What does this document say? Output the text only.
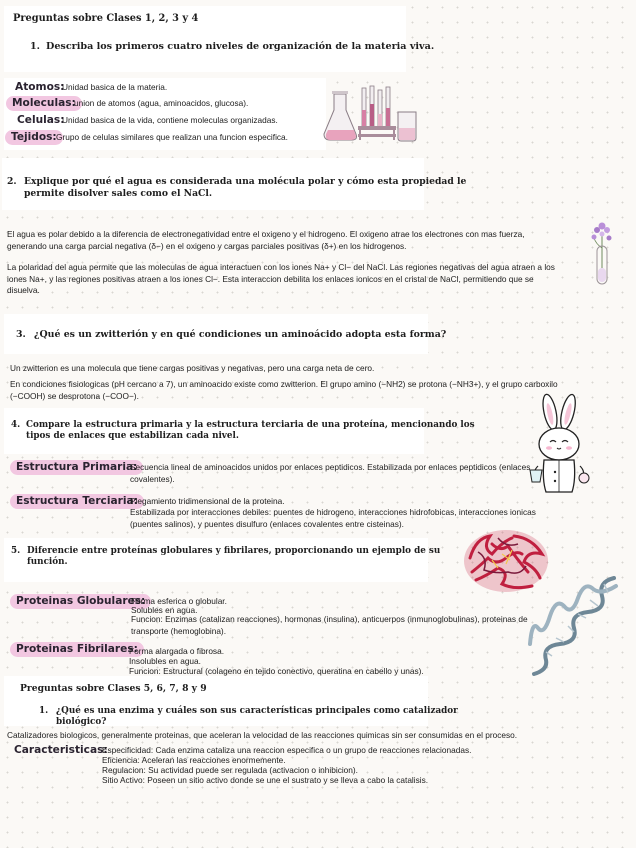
Preguntas sobre Clases 1, 2, 3 y 4
1. Describa los primeros cuatro niveles de organización de la materia viva.
Atomos:
Unidad basica de la materia.
Moleculas:
union de atomos (agua, aminoacidos, glucosa).
Celulas:
Unidad basica de la vida, contiene moleculas organizadas.
Tejidos: Grupo de celulas similares que realizan una funcion especifica.
2. Explique por qué el agua es considerada una molécula polar y cómo esta propiedad le
permite disolver sales como el NaCl.
El agua es polar debido a la diferencia de electronegatividad entre el oxigeno y el hidrogeno. El oxigeno atrae los electrones con mas fuerza, generando una carga parcial negativa (δ−) en el oxigeno y cargas parciales positivas (δ+) en los hidrogenos.
La polaridad del agua permite que las moleculas de agua interactuen con los iones Na+ y Cl− del NaCl. Las regiones negativas del agua atraen a los iones Na+, y las regiones positivas atraen a los iones Cl−. Esta interaccion debilita los enlaces ionicos en el cristal de NaCl, permitiendo que se disuelva.
3. ¿Qué es un zwitterión y en qué condiciones un aminoácido adopta esta forma?
Un zwitterion es una molecula que tiene cargas positivas y negativas, pero una carga neta de cero.
En condiciones fisiologicas (pH cercano a 7), un aminoacido existe como zwitterion. El grupo amino (−NH2) se protona (−NH3+), y el grupo carboxilo (−COOH) se desprotona (−COO−).
4. Compare la estructura primaria y la estructura terciaria de una proteína, mencionando los
tipos de enlaces que estabilizan cada nivel.
Estructura Primaria:
Secuencia lineal de aminoacidos unidos por enlaces peptidicos. Estabilizada por enlaces peptidicos (enlaces covalentes).
Estructura Terciaria:
Plegamiento tridimensional de la proteina.
Estabilizada por interacciones debiles: puentes de hidrogeno, interacciones hidrofobicas, interacciones ionicas (puentes salinos), y puentes disulfuro (enlaces covalentes entre cisteinas).
5. Diferencie entre proteínas globulares y fibrilares, proporcionando un ejemplo de su
función.
Proteinas Globulares:
Forma esferica o globular.
Solubles en agua.
Funcion: Enzimas (catalizan reacciones), hormonas (insulina), anticuerpos (inmunoglobulinas), proteinas de transporte (hemoglobina).
Proteinas Fibrilares:
Forma alargada o fibrosa.
Insolubles en agua.
Funcion: Estructural (colageno en tejido conectivo, queratina en cabello y unas).
Preguntas sobre Clases 5, 6, 7, 8 y 9
1. ¿Qué es una enzima y cuáles son sus características principales como catalizador
biológico?
Catalizadores biologicos, generalmente proteinas, que aceleran la velocidad de las reacciones quimicas sin ser consumidas en el proceso.
Caracteristicas:
Especificidad: Cada enzima cataliza una reaccion especifica o un grupo de reacciones relacionadas.
Eficiencia: Aceleran las reacciones enormemente.
Regulacion: Su actividad puede ser regulada (activacion o inhibicion).
Sitio Activo: Poseen un sitio activo donde se une el sustrato y se lleva a cabo la catalisis.
